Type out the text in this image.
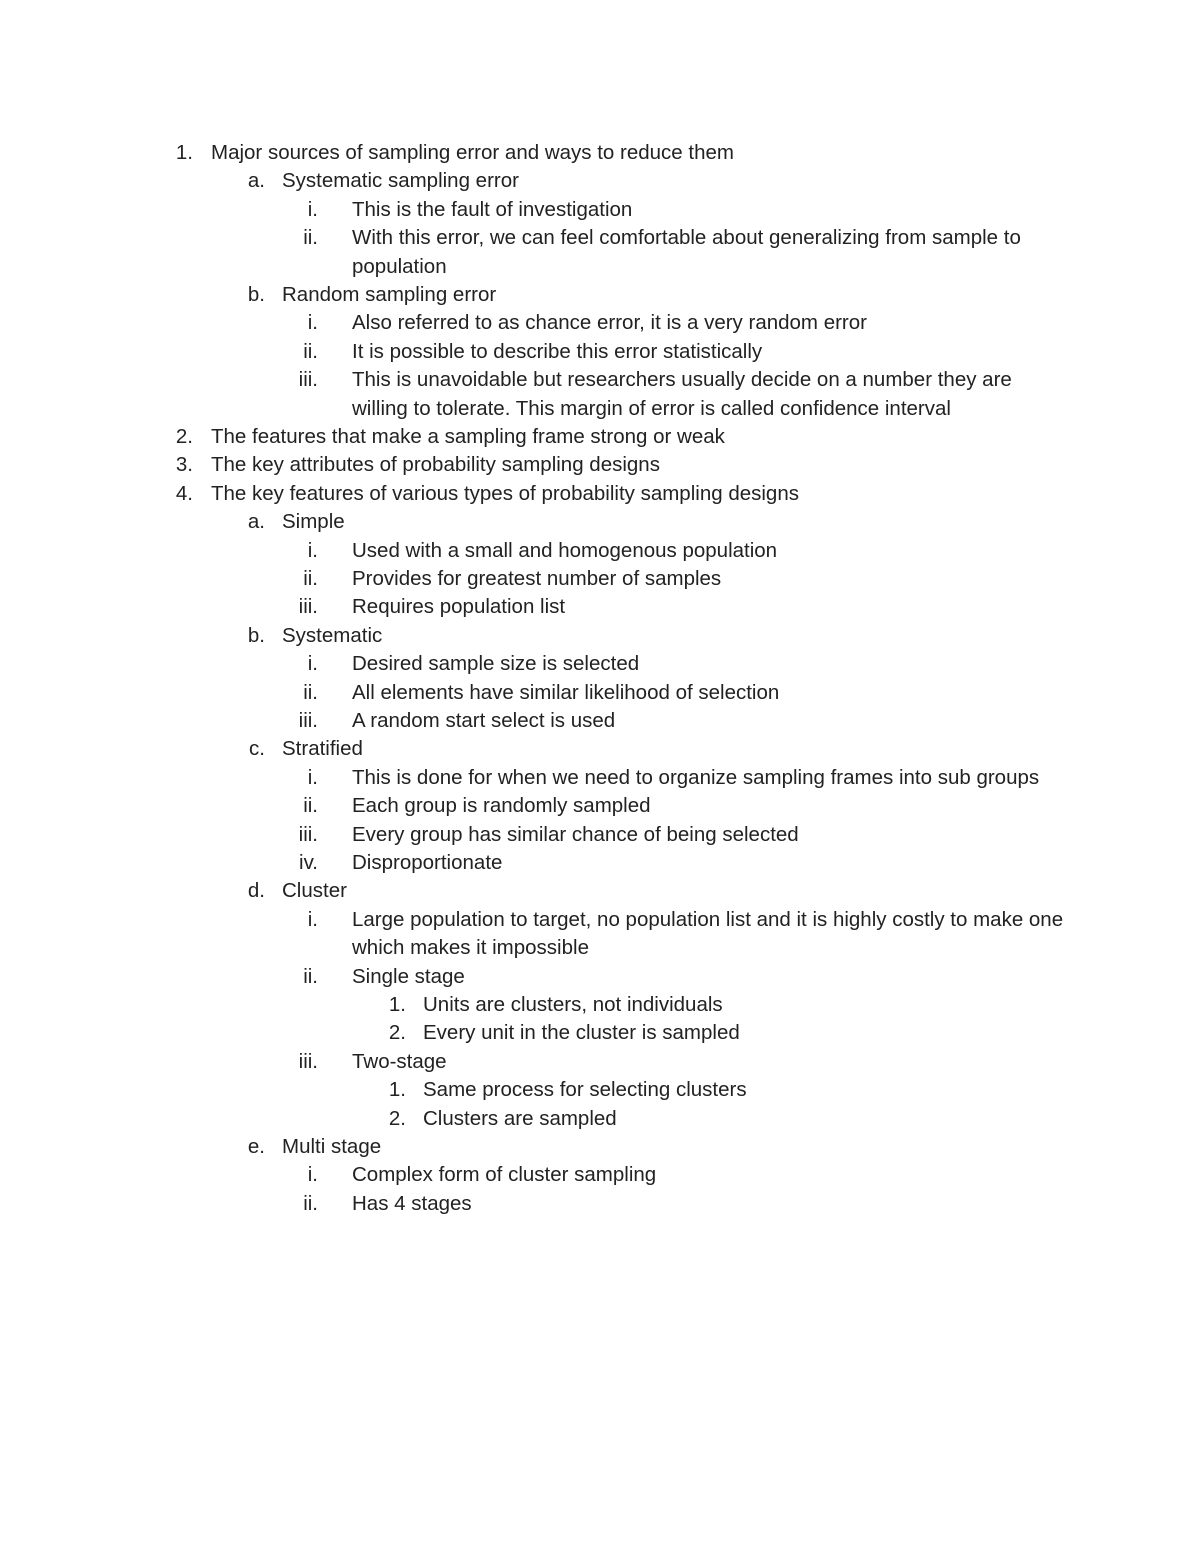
1. Major sources of sampling error and ways to reduce them
a. Systematic sampling error
i. This is the fault of investigation
ii. With this error, we can feel comfortable about generalizing from sample to population
b. Random sampling error
i. Also referred to as chance error, it is a very random error
ii. It is possible to describe this error statistically
iii. This is unavoidable but researchers usually decide on a number they are willing to tolerate. This margin of error is called confidence interval
2. The features that make a sampling frame strong or weak
3. The key attributes of probability sampling designs
4. The key features of various types of probability sampling designs
a. Simple
i. Used with a small and homogenous population
ii. Provides for greatest number of samples
iii. Requires population list
b. Systematic
i. Desired sample size is selected
ii. All elements have similar likelihood of selection
iii. A random start select is used
c. Stratified
i. This is done for when we need to organize sampling frames into sub groups
ii. Each group is randomly sampled
iii. Every group has similar chance of being selected
iv. Disproportionate
d. Cluster
i. Large population to target, no population list and it is highly costly to make one which makes it impossible
ii. Single stage
1. Units are clusters, not individuals
2. Every unit in the cluster is sampled
iii. Two-stage
1. Same process for selecting clusters
2. Clusters are sampled
e. Multi stage
i. Complex form of cluster sampling
ii. Has 4 stages
